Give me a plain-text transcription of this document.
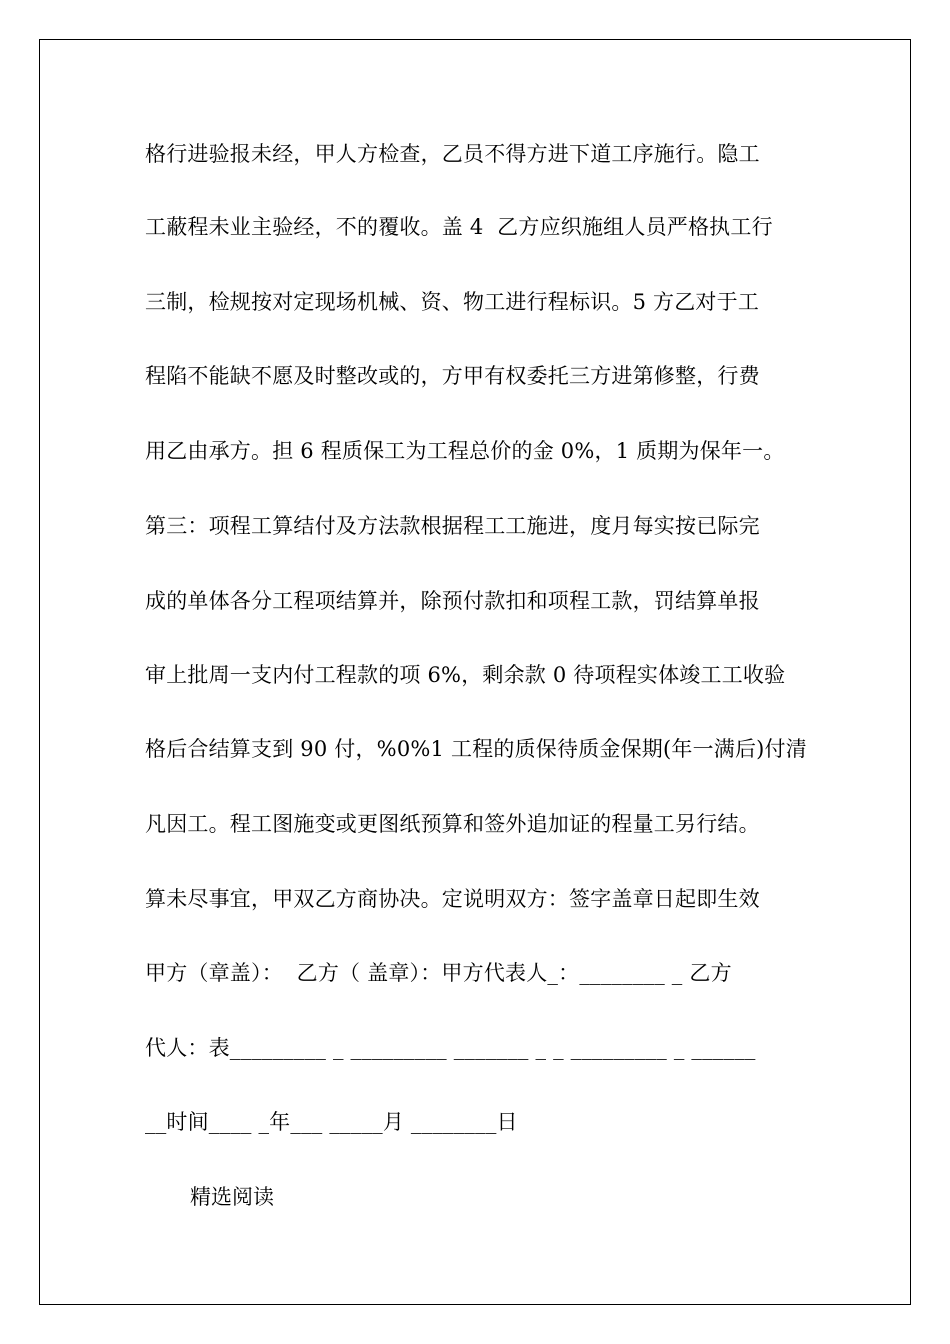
格行进验报未经，甲人方检查，乙员不得方进下道工序施行。隐工
工蔽程未业主验经，不的覆收。盖 4  乙方应织施组人员严格执工行
三制，检规按对定现场机械、资、物工进行程标识。5 方乙对于工
程陷不能缺不愿及时整改或的，方甲有权委托三方进第修整，行费
用乙由承方。担 6 程质保工为工程总价的金 0%，1 质期为保年一。
第三：项程工算结付及方法款根据程工工施进，度月每实按已际完
成的单体各分工程项结算并，除预付款扣和项程工款，罚结算单报
审上批周一支内付工程款的项 6%，剩余款 0 待项程实体竣工工收验
格后合结算支到 90 付，%0%1 工程的质保待质金保期(年一满后)付清
凡因工。程工图施变或更图纸预算和签外追加证的程量工另行结。
算未尽事宜，甲双乙方商协决。定说明双方：签字盖章日起即生效
甲方（章盖）：  乙方（ 盖章）：甲方代表人_：________ _ 乙方
代人：表_________ _ _________ _______ _ _ _________ _ ______
__时间____ _年___ _____月 ________日
精选阅读
